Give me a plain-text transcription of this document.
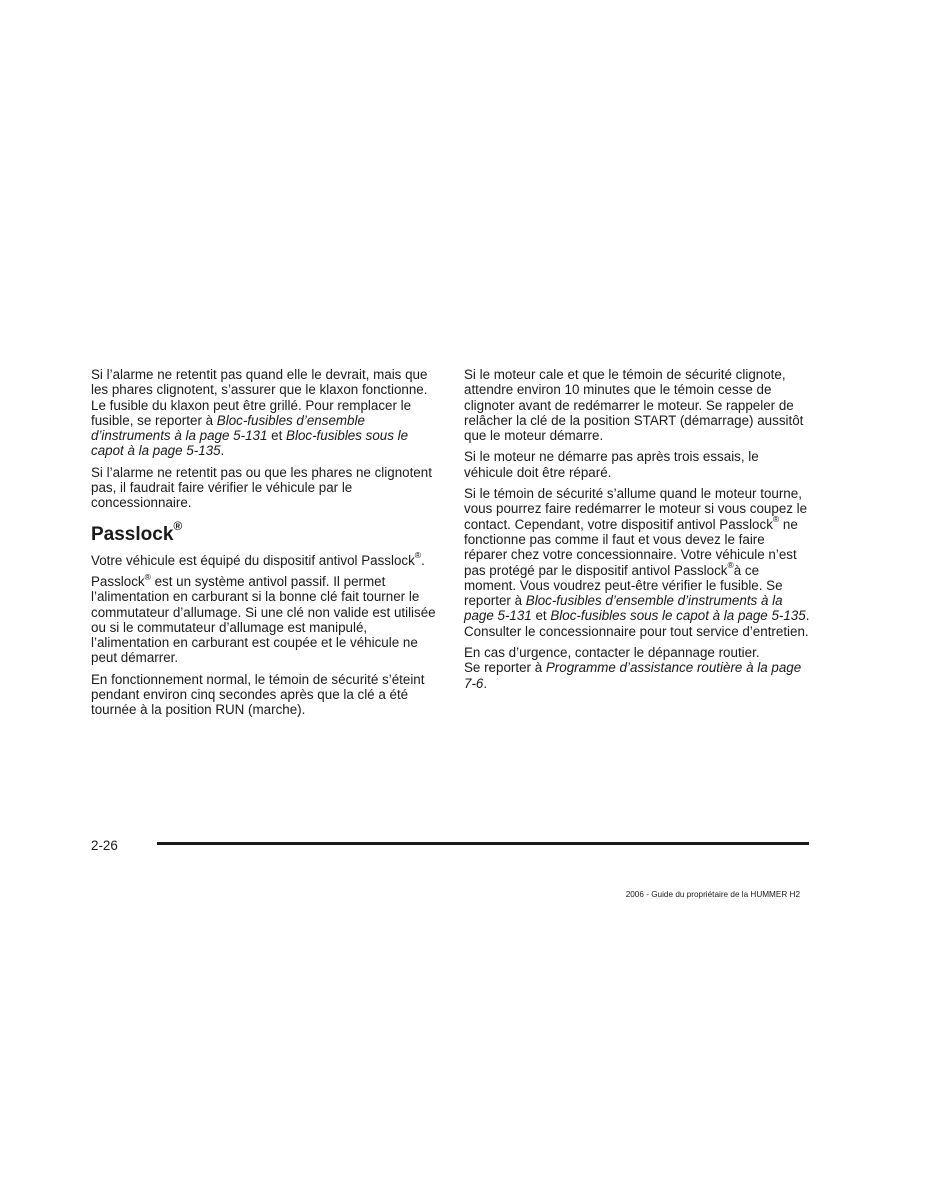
Si l’alarme ne retentit pas quand elle le devrait, mais que les phares clignotent, s’assurer que le klaxon fonctionne. Le fusible du klaxon peut être grillé. Pour remplacer le fusible, se reporter à Bloc-fusibles d’ensemble d’instruments à la page 5-131 et Bloc-fusibles sous le capot à la page 5-135.

Si l’alarme ne retentit pas ou que les phares ne clignotent pas, il faudrait faire vérifier le véhicule par le concessionnaire.

Passlock®

Votre véhicule est équipé du dispositif antivol Passlock®.

Passlock® est un système antivol passif. Il permet l’alimentation en carburant si la bonne clé fait tourner le commutateur d’allumage. Si une clé non valide est utilisée ou si le commutateur d’allumage est manipulé, l’alimentation en carburant est coupée et le véhicule ne peut démarrer.

En fonctionnement normal, le témoin de sécurité s’éteint pendant environ cinq secondes après que la clé a été tournée à la position RUN (marche).

Si le moteur cale et que le témoin de sécurité clignote, attendre environ 10 minutes que le témoin cesse de clignoter avant de redémarrer le moteur. Se rappeler de relâcher la clé de la position START (démarrage) aussitôt que le moteur démarre.

Si le moteur ne démarre pas après trois essais, le véhicule doit être réparé.

Si le témoin de sécurité s’allume quand le moteur tourne, vous pourrez faire redémarrer le moteur si vous coupez le contact. Cependant, votre dispositif antivol Passlock® ne fonctionne pas comme il faut et vous devez le faire réparer chez votre concessionnaire. Votre véhicule n’est pas protégé par le dispositif antivol Passlock®à ce moment. Vous voudrez peut-être vérifier le fusible. Se reporter à Bloc-fusibles d’ensemble d’instruments à la page 5-131 et Bloc-fusibles sous le capot à la page 5-135. Consulter le concessionnaire pour tout service d’entretien.

En cas d’urgence, contacter le dépannage routier.
Se reporter à Programme d’assistance routière à la page 7-6.

2-26
2006 - Guide du propriétaire de la HUMMER H2
